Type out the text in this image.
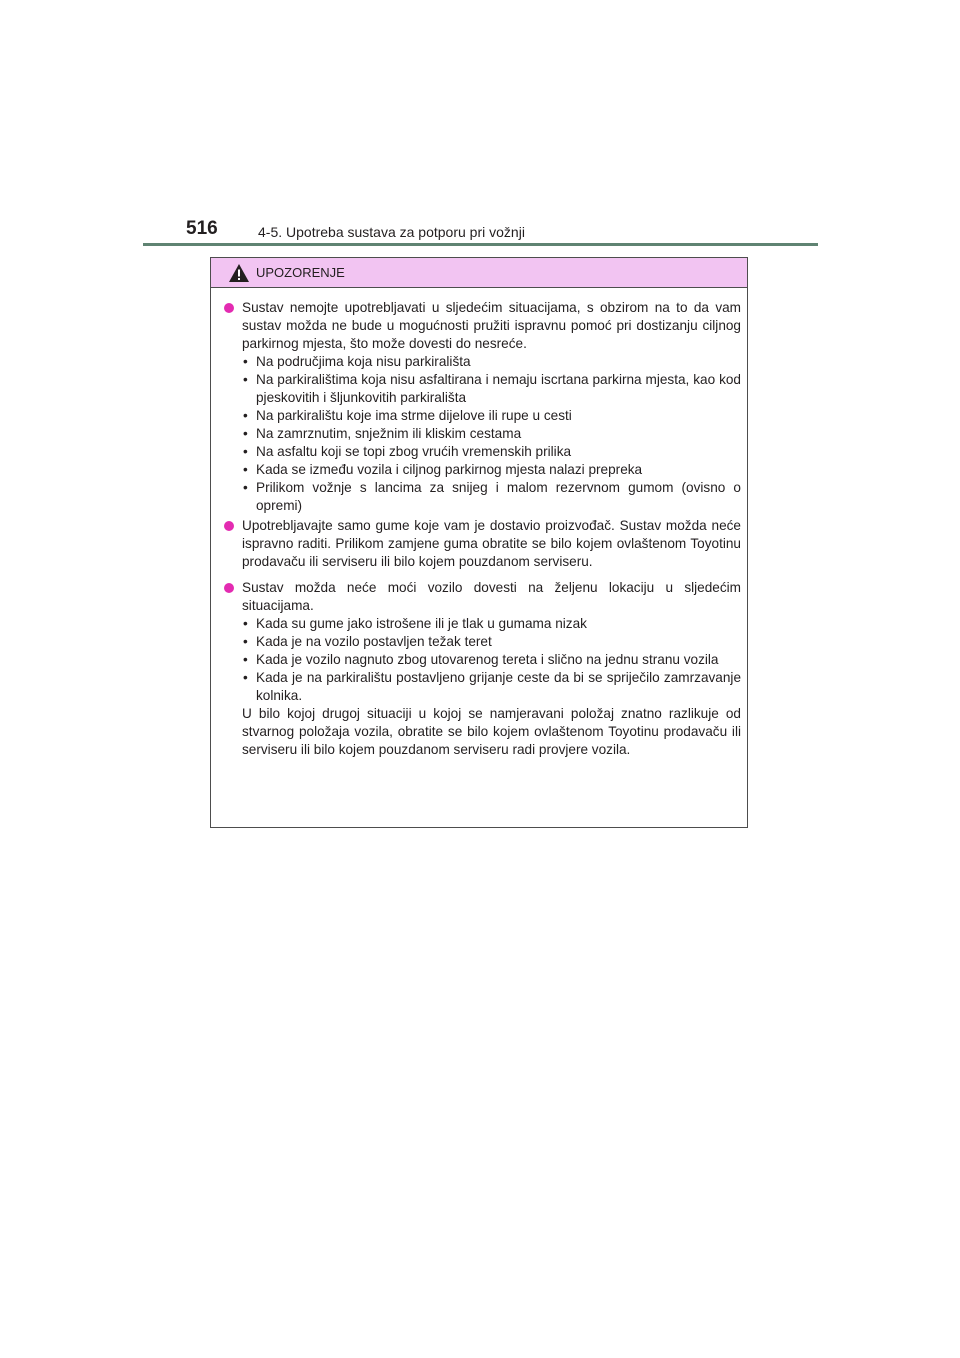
516	4-5. Upotreba sustava za potporu pri vožnji
UPOZORENJE

Sustav nemojte upotrebljavati u sljedećim situacijama, s obzirom na to da vam sustav možda ne bude u mogućnosti pružiti ispravnu pomoć pri dostizanju ciljnog parkirnog mjesta, što može dovesti do nesreće.

• Na područjima koja nisu parkirališta
• Na parkiralištima koja nisu asfaltirana i nemaju iscrtana parkirna mjesta, kao kod pjeskovitih i šljunkovitih parkirališta
• Na parkiralištu koje ima strme dijelove ili rupe u cesti
• Na zamrznutim, snježnim ili kliskim cestama
• Na asfaltu koji se topi zbog vrućih vremenskih prilika
• Kada se između vozila i ciljnog parkirnog mjesta nalazi prepreka
• Prilikom vožnje s lancima za snijeg i malom rezervnom gumom (ovisno o opremi)

Upotrebljavajte samo gume koje vam je dostavio proizvođač. Sustav možda neće ispravno raditi. Prilikom zamjene guma obratite se bilo kojem ovlaštenom Toyotinu prodavaču ili serviseru ili bilo kojem pouzdanom serviseru.

Sustav možda neće moći vozilo dovesti na željenu lokaciju u sljedećim situacijama.

• Kada su gume jako istrošene ili je tlak u gumama nizak
• Kada je na vozilo postavljen težak teret
• Kada je vozilo nagnuto zbog utovarenog tereta i slično na jednu stranu vozila
• Kada je na parkiralištu postavljeno grijanje ceste da bi se spriječilo zamrzavanje kolnika.

U bilo kojoj drugoj situaciji u kojoj se namjeravani položaj znatno razlikuje od stvarnog položaja vozila, obratite se bilo kojem ovlaštenom Toyotinu prodavaču ili serviseru ili bilo kojem pouzdanom serviseru radi provjere vozila.
